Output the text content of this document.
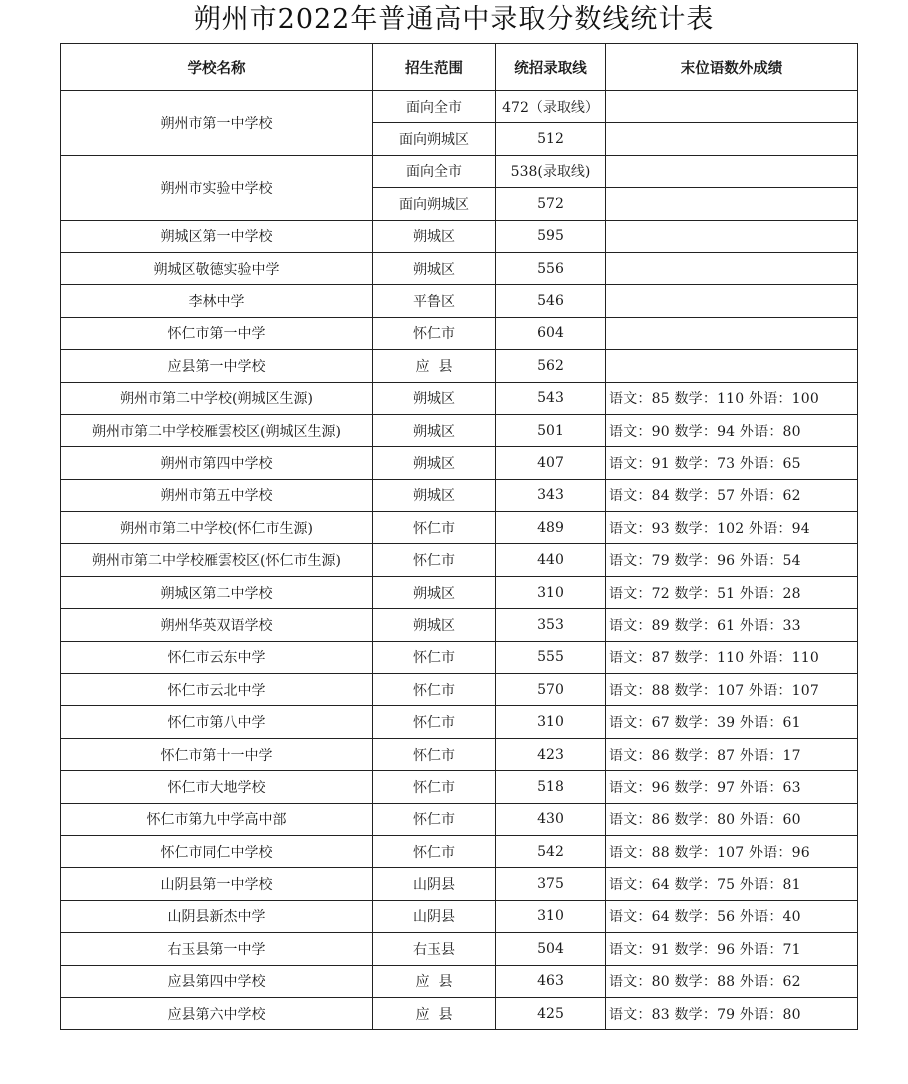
朔州市2022年普通高中录取分数线统计表
学校名称	招生范围	统招录取线	末位语数外成绩
朔州市第一中学校	面向全市	472（录取线）	
	面向朔城区	512	
朔州市实验中学校	面向全市	538(录取线)	
	面向朔城区	572	
朔城区第一中学校	朔城区	595	
朔城区敬德实验中学	朔城区	556	
李林中学	平鲁区	546	
怀仁市第一中学	怀仁市	604	
应县第一中学校	应  县	562	
朔州市第二中学校(朔城区生源)	朔城区	543	语文：85 数学：110 外语：100
朔州市第二中学校雁雲校区(朔城区生源)	朔城区	501	语文：90 数学：94 外语：80
朔州市第四中学校	朔城区	407	语文：91 数学：73 外语：65
朔州市第五中学校	朔城区	343	语文：84 数学：57 外语：62
朔州市第二中学校(怀仁市生源)	怀仁市	489	语文：93 数学：102 外语：94
朔州市第二中学校雁雲校区(怀仁市生源)	怀仁市	440	语文：79 数学：96 外语：54
朔城区第二中学校	朔城区	310	语文：72 数学：51 外语：28
朔州华英双语学校	朔城区	353	语文：89 数学：61 外语：33
怀仁市云东中学	怀仁市	555	语文：87 数学：110 外语：110
怀仁市云北中学	怀仁市	570	语文：88 数学：107 外语：107
怀仁市第八中学	怀仁市	310	语文：67 数学：39 外语：61
怀仁市第十一中学	怀仁市	423	语文：86 数学：87 外语：17
怀仁市大地学校	怀仁市	518	语文：96 数学：97 外语：63
怀仁市第九中学高中部	怀仁市	430	语文：86 数学：80 外语：60
怀仁市同仁中学校	怀仁市	542	语文：88 数学：107 外语：96
山阴县第一中学校	山阴县	375	语文：64 数学：75 外语：81
山阴县新杰中学	山阴县	310	语文：64 数学：56 外语：40
右玉县第一中学	右玉县	504	语文：91 数学：96 外语：71
应县第四中学校	应  县	463	语文：80 数学：88 外语：62
应县第六中学校	应  县	425	语文：83 数学：79 外语：80
